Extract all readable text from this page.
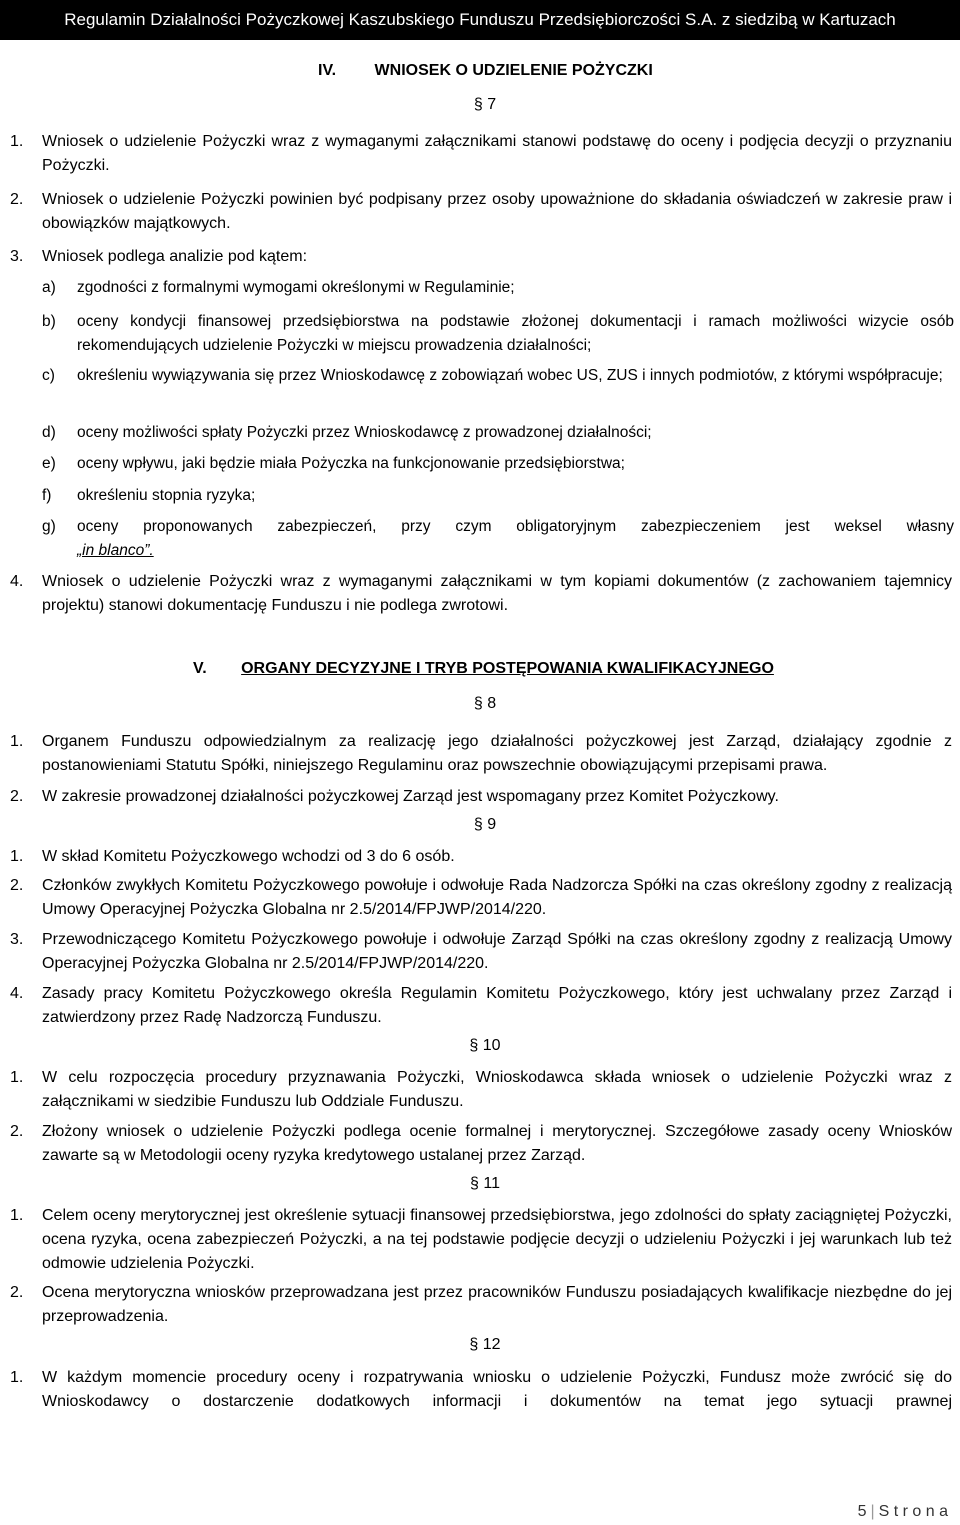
Regulamin Działalności Pożyczkowej Kaszubskiego Funduszu Przedsiębiorczości S.A. z siedzibą w Kartuzach
IV. WNIOSEK O UDZIELENIE POŻYCZKI

§ 7

1. Wniosek o udzielenie Pożyczki wraz z wymaganymi załącznikami stanowi podstawę do oceny i podjęcia decyzji o przyznaniu Pożyczki.
2. Wniosek o udzielenie Pożyczki powinien być podpisany przez osoby upoważnione do składania oświadczeń w zakresie praw i obowiązków majątkowych.
3. Wniosek podlega analizie pod kątem:
a) zgodności z formalnymi wymogami określonymi w Regulaminie;
b) oceny kondycji finansowej przedsiębiorstwa na podstawie złożonej dokumentacji i ramach możliwości wizycie osób rekomendujących udzielenie Pożyczki w miejscu prowadzenia działalności;
c) określeniu wywiązywania się przez Wnioskodawcę z zobowiązań wobec US, ZUS i innych podmiotów, z którymi współpracuje;
d) oceny możliwości spłaty Pożyczki przez Wnioskodawcę z prowadzonej działalności;
e) oceny wpływu, jaki będzie miała Pożyczka na funkcjonowanie przedsiębiorstwa;
f) określeniu stopnia ryzyka;
g) oceny proponowanych zabezpieczeń, przy czym obligatoryjnym zabezpieczeniem jest weksel własny
„in blanco”.
4. Wniosek o udzielenie Pożyczki wraz z wymaganymi załącznikami w tym kopiami dokumentów (z zachowaniem tajemnicy projektu) stanowi dokumentację Funduszu i nie podlega zwrotowi.
V. ORGANY DECYZYJNE I TRYB POSTĘPOWANIA KWALIFIKACYJNEGO

§ 8

1. Organem Funduszu odpowiedzialnym za realizację jego działalności pożyczkowej jest Zarząd, działający zgodnie z postanowieniami Statutu Spółki, niniejszego Regulaminu oraz powszechnie obowiązującymi przepisami prawa.
2. W zakresie prowadzonej działalności pożyczkowej Zarząd jest wspomagany przez Komitet Pożyczkowy.

§ 9

1. W skład Komitetu Pożyczkowego wchodzi od 3 do 6 osób.
2. Członków zwykłych Komitetu Pożyczkowego powołuje i odwołuje Rada Nadzorcza Spółki na czas określony zgodny z realizacją Umowy Operacyjnej Pożyczka Globalna nr 2.5/2014/FPJWP/2014/220.
3. Przewodniczącego Komitetu Pożyczkowego powołuje i odwołuje Zarząd Spółki na czas określony zgodny z realizacją Umowy Operacyjnej Pożyczka Globalna nr 2.5/2014/FPJWP/2014/220.
4. Zasady pracy Komitetu Pożyczkowego określa Regulamin Komitetu Pożyczkowego, który jest uchwalany przez Zarząd i zatwierdzony przez Radę Nadzorczą Funduszu.

§ 10

1. W celu rozpoczęcia procedury przyznawania Pożyczki, Wnioskodawca składa wniosek o udzielenie Pożyczki wraz z załącznikami w siedzibie Funduszu lub Oddziale Funduszu.
2. Złożony wniosek o udzielenie Pożyczki podlega ocenie formalnej i merytorycznej. Szczegółowe zasady oceny Wniosków zawarte są w Metodologii oceny ryzyka kredytowego ustalanej przez Zarząd.

§ 11

1. Celem oceny merytorycznej jest określenie sytuacji finansowej przedsiębiorstwa, jego zdolności do spłaty zaciągniętej Pożyczki, ocena ryzyka, ocena zabezpieczeń Pożyczki, a na tej podstawie podjęcie decyzji o udzieleniu Pożyczki i jej warunkach lub też odmowie udzielenia Pożyczki.
2. Ocena merytoryczna wniosków przeprowadzana jest przez pracowników Funduszu posiadających kwalifikacje niezbędne do jej przeprowadzenia.

§ 12

1. W każdym momencie procedury oceny i rozpatrywania wniosku o udzielenie Pożyczki, Fundusz może zwrócić się do Wnioskodawcy o dostarczenie dodatkowych informacji i dokumentów na temat jego sytuacji prawnej
5 | S t r o n a
